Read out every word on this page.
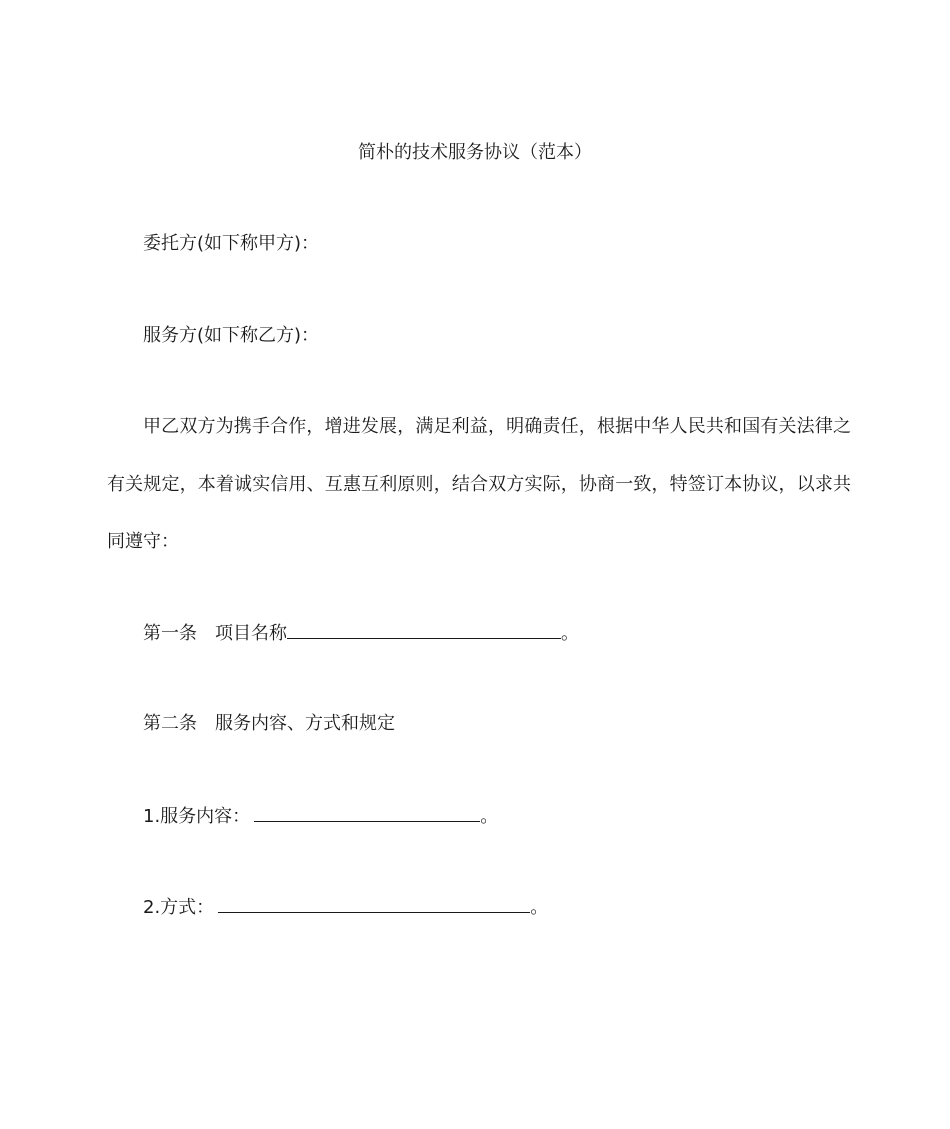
简朴的技术服务协议（范本）
委托方(如下称甲方)：
服务方(如下称乙方)：
甲乙双方为携手合作，增进发展，满足利益，明确责任，根据中华人民共和国有关法律之
有关规定，本着诚实信用、互惠互利原则，结合双方实际，协商一致，特签订本协议，以求共
同遵守：
第一条 项目名称	。
第二条 服务内容、方式和规定
1.服务内容：	。
2.方式：	。
